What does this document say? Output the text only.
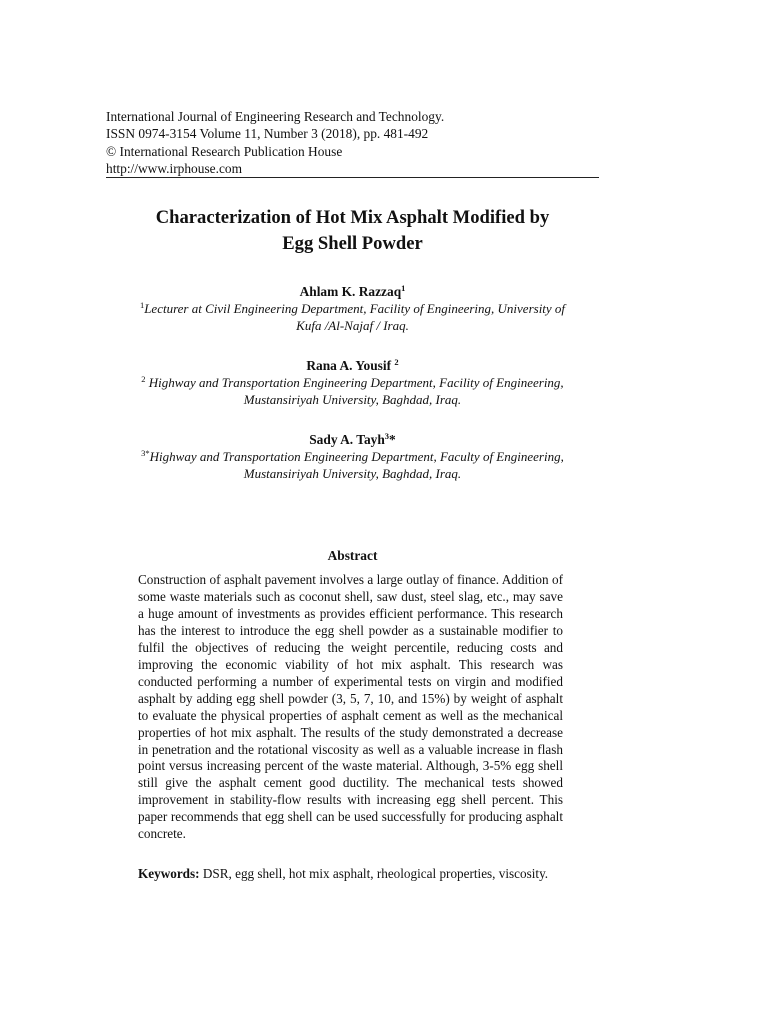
International Journal of Engineering Research and Technology.
ISSN 0974-3154 Volume 11, Number 3 (2018), pp. 481-492
© International Research Publication House
http://www.irphouse.com
Characterization of Hot Mix Asphalt Modified by
Egg Shell Powder
Ahlam K. Razzaq$^1$
$^1$Lecturer at Civil Engineering Department, Facility of Engineering, University of
Kufa /Al-Najaf / Iraq.
Rana A. Yousif $^2$
$^2$ Highway and Transportation Engineering Department, Facility of Engineering,
Mustansiriyah University, Baghdad, Iraq.
Sady A. Tayh$^3$*
$^{3*}$Highway and Transportation Engineering Department, Faculty of Engineering,
Mustansiriyah University, Baghdad, Iraq.
Abstract

Construction of asphalt pavement involves a large outlay of finance. Addition of some waste materials such as coconut shell, saw dust, steel slag, etc., may save a huge amount of investments as provides efficient performance. This research has the interest to introduce the egg shell powder as a sustainable modifier to fulfil the objectives of reducing the weight percentile, reducing costs and improving the economic viability of hot mix asphalt. This research was conducted performing a number of experimental tests on virgin and modified asphalt by adding egg shell powder (3, 5, 7, 10, and 15%) by weight of asphalt to evaluate the physical properties of asphalt cement as well as the mechanical properties of hot mix asphalt. The results of the study demonstrated a decrease in penetration and the rotational viscosity as well as a valuable increase in flash point versus increasing percent of the waste material. Although, 3-5% egg shell still give the asphalt cement good ductility. The mechanical tests showed improvement in stability-flow results with increasing egg shell percent. This paper recommends that egg shell can be used successfully for producing asphalt concrete.

Keywords: DSR, egg shell, hot mix asphalt, rheological properties, viscosity.
